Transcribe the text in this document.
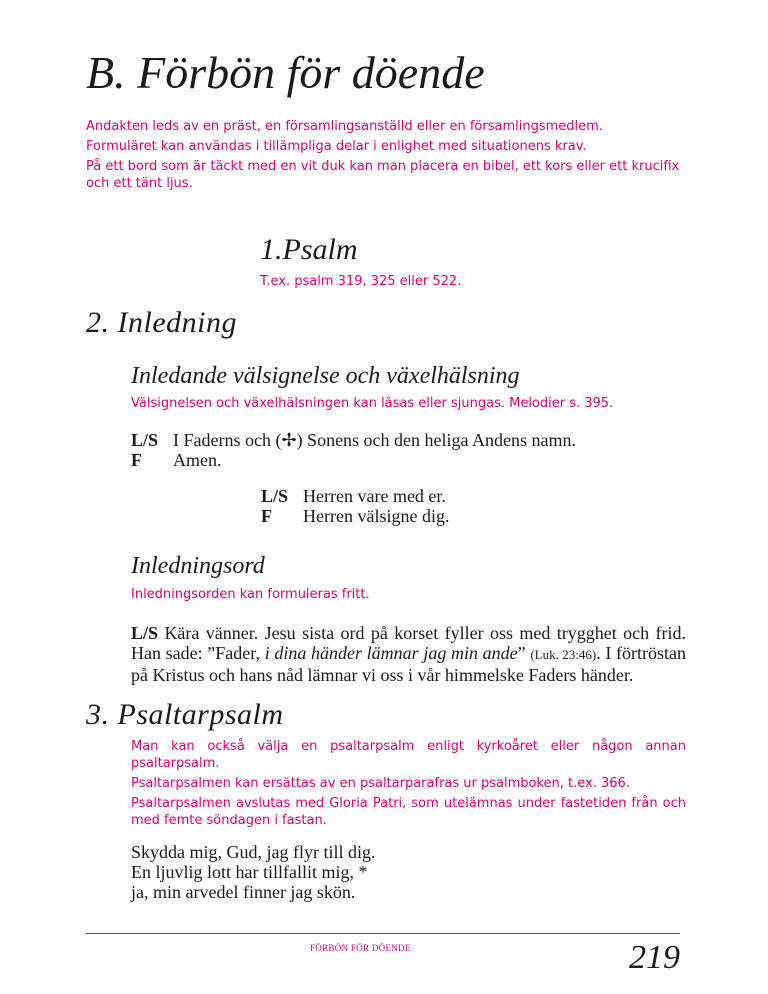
B. Förbön för döende

Andakten leds av en präst, en församlingsanställd eller en församlingsmedlem.

Formuläret kan användas i tillämpliga delar i enlighet med situationens krav.

På ett bord som är täckt med en vit duk kan man placera en bibel, ett kors eller ett krucifix och ett tänt ljus.

1.Psalm
T.ex. psalm 319, 325 eller 522.
2. Inledning
Inledande välsignelse och växelhälsning
Välsignelsen och växelhälsningen kan läsas eller sjungas. Melodier s. 395.
L/S I Faderns och (✢) Sonens och den heliga Andens namn.
F Amen.
L/S Herren vare med er.
F Herren välsigne dig.
Inledningsord
Inledningsorden kan formuleras fritt.
L/S Kära vänner. Jesu sista ord på korset fyller oss med trygghet och frid. Han sade: ”Fader, i dina händer lämnar jag min ande” (Luk. 23:46). I förtröstan på Kristus och hans nåd lämnar vi oss i vår himmelske Faders händer.
3. Psaltarpsalm

Man kan också välja en psaltarpsalm enligt kyrkoåret eller någon annan psaltarpsalm.

Psaltarpsalmen kan ersättas av en psaltarparafras ur psalmboken, t.ex. 366.

Psaltarpsalmen avslutas med Gloria Patri, som utelämnas under fastetiden från och med femte söndagen i fastan.

Skydda mig, Gud, jag flyr till dig.
En ljuvlig lott har tillfallit mig, *
ja, min arvedel finner jag skön.
FÖRBÖN FÖR DÖENDE	219
